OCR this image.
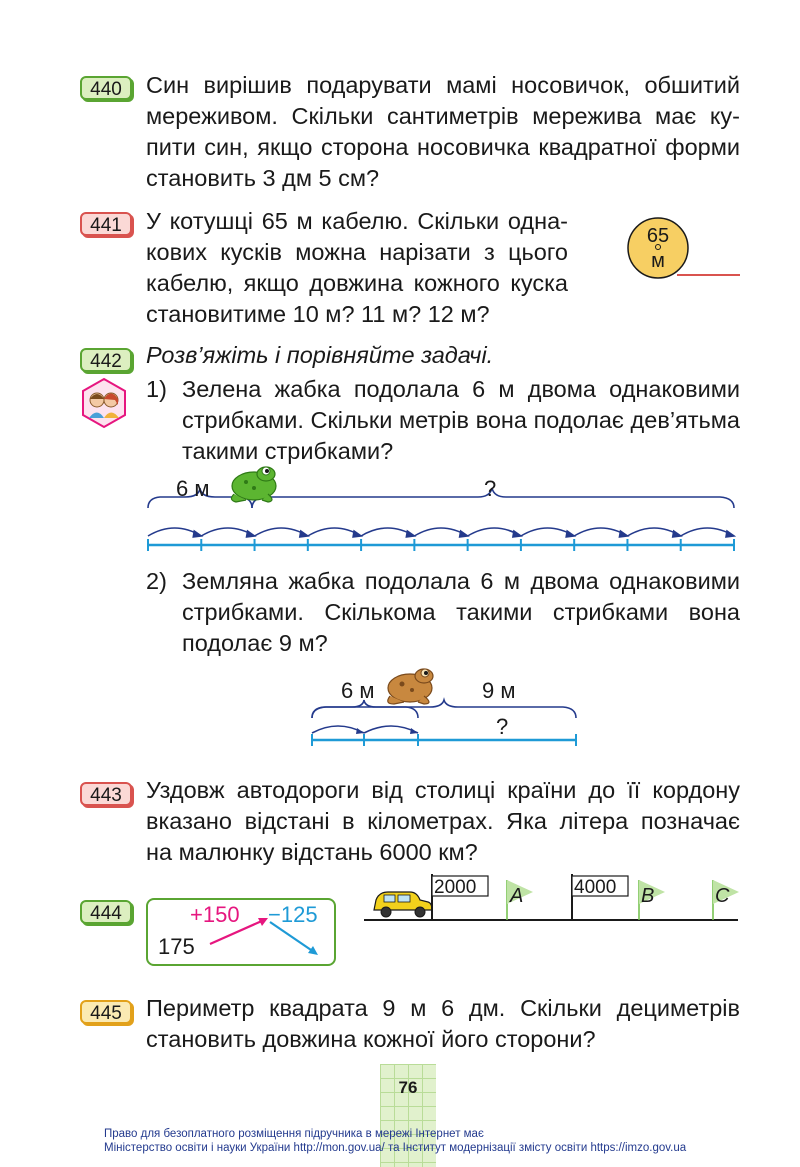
440	Син вирішив подарувати мамі носовичок, обшитий
мереживом. Скільки сантиметрів мережива має ку-
пити син, якщо сторона носовичка квадратної форми
становить 3 дм 5 см?
441	У котушці 65 м кабелю. Скільки одна-
кових кусків можна нарізати з цього
кабелю, якщо довжина кожного куска
становитиме 10 м? 11 м? 12 м?
65
м
442	Розв’яжіть і порівняйте задачі.
1) Зелена жабка подолала 6 м двома однаковими
стрибками. Скільки метрів вона подолає дев’ятьма
такими стрибками?
6 м	?
2) Земляна жабка подолала 6 м двома однаковими
стрибками. Скількома такими стрибками вона
подолає 9 м?
6 м	9 м
?
443	Уздовж автодороги від столиці країни до її кордону
вказано відстані в кілометрах. Яка літера позначає
на малюнку відстань 6000 км?
2000	4000
A	B	C
444
175
+150 −125
445	Периметр квадрата 9 м 6 дм. Скільки дециметрів
становить довжина кожної його сторони?
76
Право для безоплатного розміщення підручника в мережі Інтернет має
Міністерство освіти і науки України http://mon.gov.ua/ та Інститут модернізації змісту освіти https://imzo.gov.ua
